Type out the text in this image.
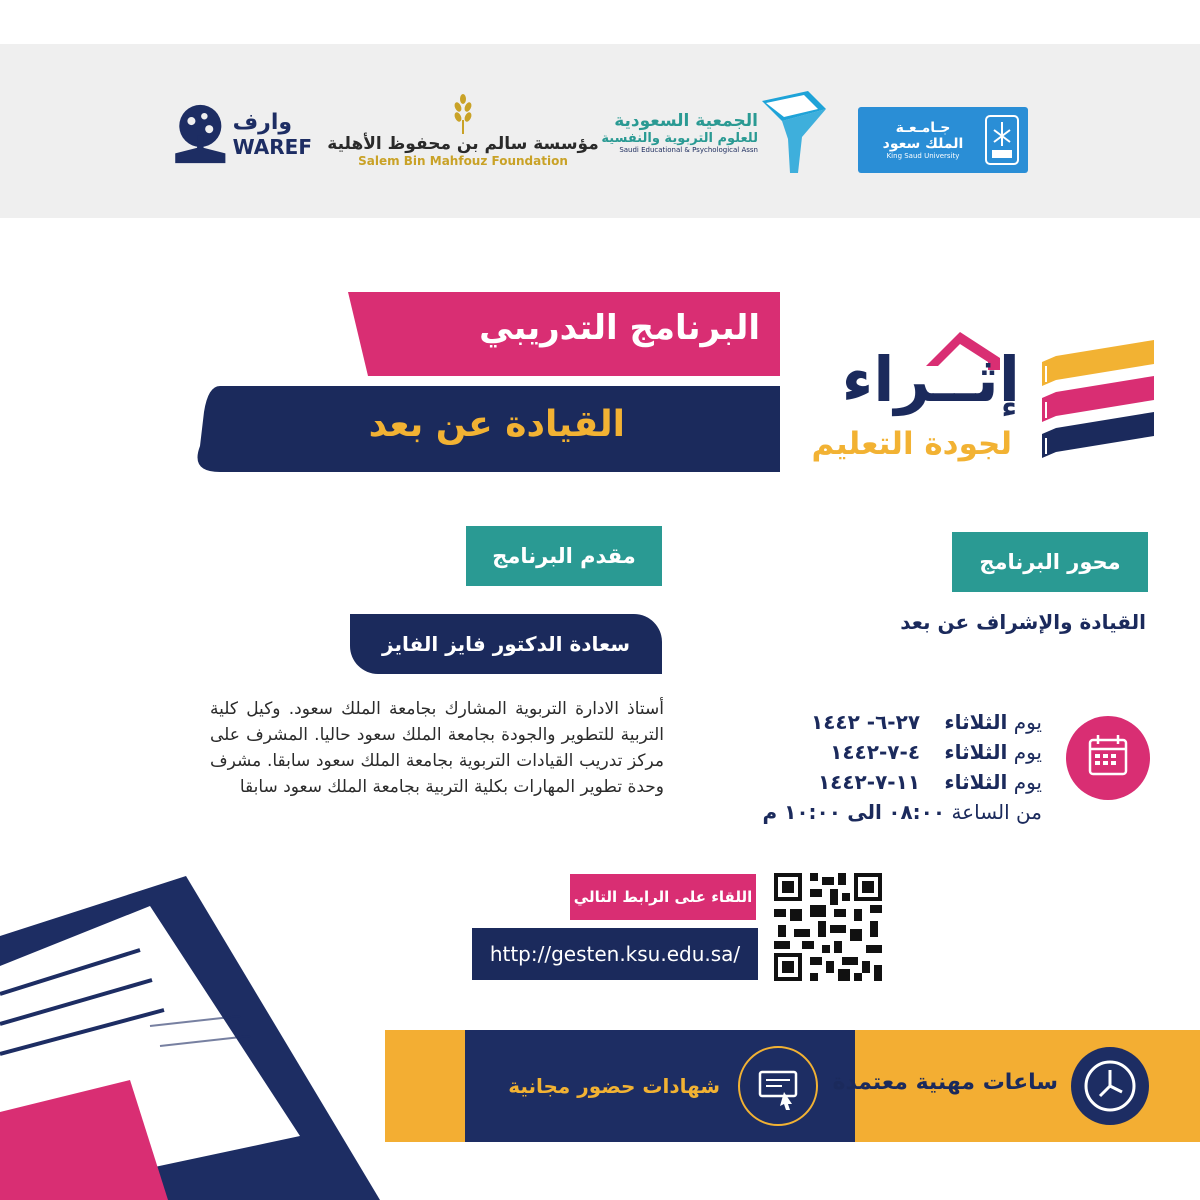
وارف
WAREF مؤسسة سالم بن محفوظ الأهلية
Salem Bin Mahfouz Foundation
الجمعية السعودية
للعلوم التربوية والنفسية
Saudi Educational & Psychological Assn
جـامـعـة
الملك سعود
King Saud University
إثــراء
لجودة التعليم
البرنامج التدريبي
القيادة عن بعد
مقدم البرنامج
سعادة الدكتور فايز الفايز
أستاذ الادارة التربوية المشارك بجامعة الملك سعود. وكيل كلية التربية للتطوير والجودة بجامعة الملك سعود حاليا. المشرف على مركز تدريب القيادات التربوية بجامعة الملك سعود سابقا. مشرف وحدة تطوير المهارات بكلية التربية بجامعة الملك سعود سابقا
محور البرنامج
القيادة والإشراف عن بعد
يوم الثلاثاء ٢٧-٦- ١٤٤٢
يوم الثلاثاء ٤-٧-١٤٤٢
يوم الثلاثاء ١١-٧-١٤٤٢
من الساعة ٠٨:٠٠ الى ١٠:٠٠ م
اللقاء على الرابط التالي
http://gesten.ksu.edu.sa/
ساعات مهنية معتمدة
شهادات حضور مجانية
